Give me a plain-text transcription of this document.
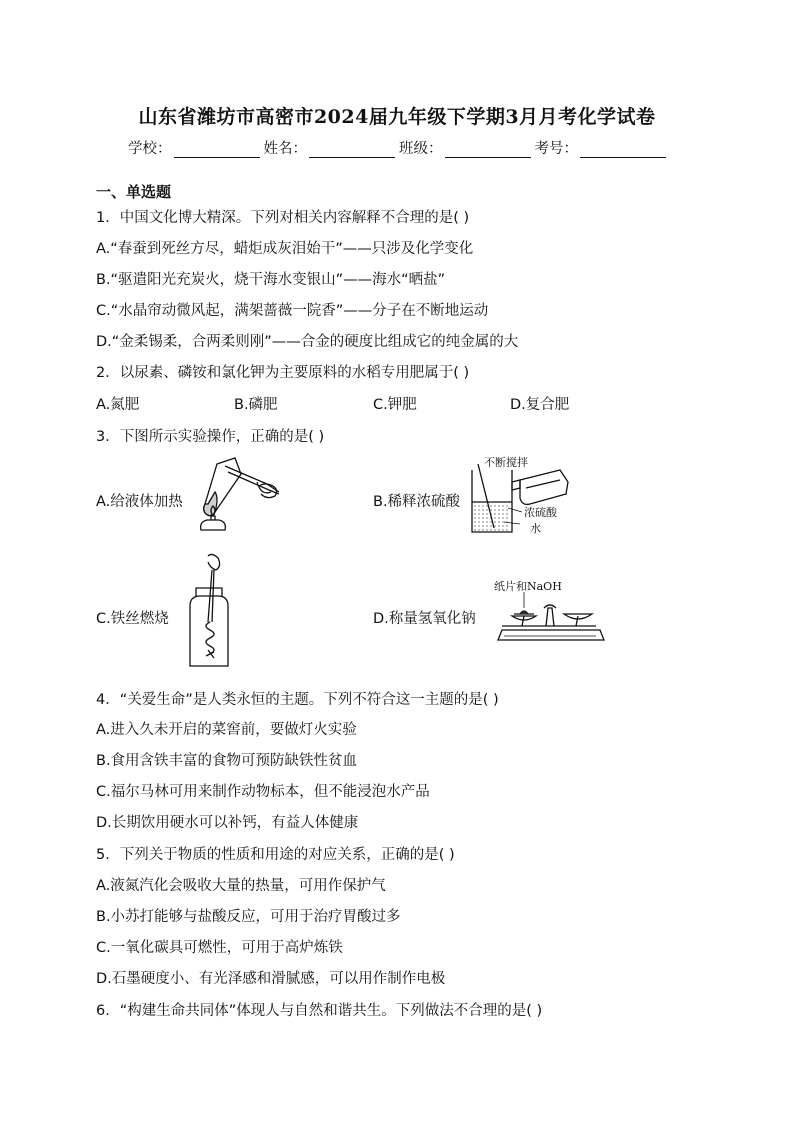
山东省潍坊市高密市2024届九年级下学期3月月考化学试卷
学校：	姓名：	班级：	考号：
一、单选题
1．中国文化博大精深。下列对相关内容解释不合理的是( )
A.“春蚕到死丝方尽，蜡炬成灰泪始干”——只涉及化学变化
B.“驱遣阳光充炭火，烧干海水变银山”——海水“晒盐”
C.“水晶帘动微风起，满架蔷薇一院香”——分子在不断地运动
D.“金柔锡柔，合两柔则刚”——合金的硬度比组成它的纯金属的大
2．以尿素、磷铵和氯化钾为主要原料的水稻专用肥属于( )
A.氮肥	B.磷肥	C.钾肥	D.复合肥
3．下图所示实验操作，正确的是( )
A.给液体加热	B.稀释浓硫酸
不断搅拌
浓硫酸
水
C.铁丝燃烧	D.称量氢氧化钠
纸片和NaOH
4．“关爱生命”是人类永恒的主题。下列不符合这一主题的是( )
A.进入久未开启的菜窖前，要做灯火实验
B.食用含铁丰富的食物可预防缺铁性贫血
C.福尔马林可用来制作动物标本，但不能浸泡水产品
D.长期饮用硬水可以补钙，有益人体健康
5．下列关于物质的性质和用途的对应关系，正确的是( )
A.液氮汽化会吸收大量的热量，可用作保护气
B.小苏打能够与盐酸反应，可用于治疗胃酸过多
C.一氧化碳具可燃性，可用于高炉炼铁
D.石墨硬度小、有光泽感和滑腻感，可以用作制作电极
6．“构建生命共同体”体现人与自然和谐共生。下列做法不合理的是( )
